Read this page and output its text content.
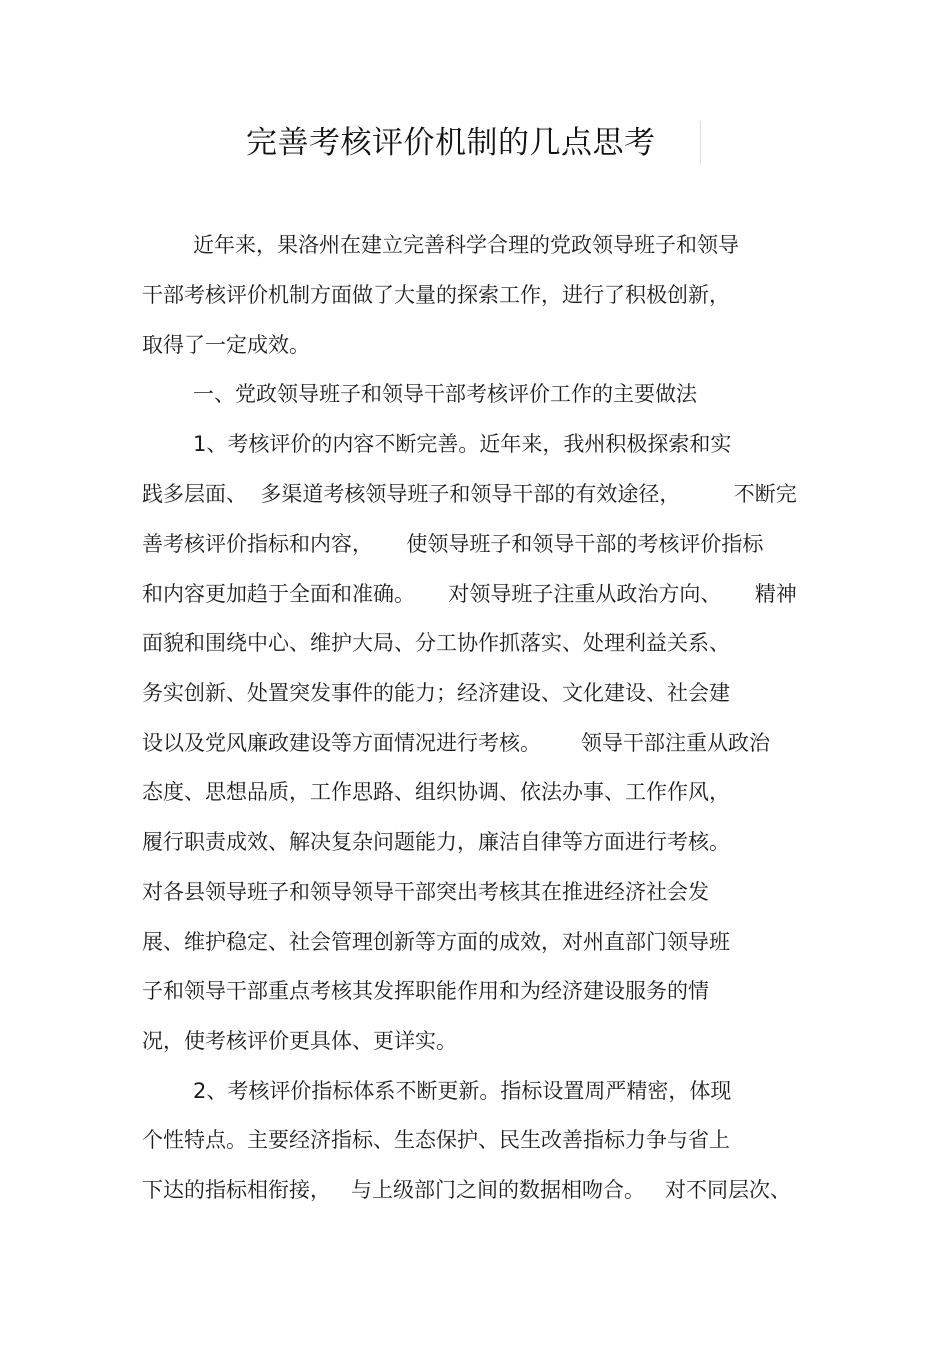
完善考核评价机制的几点思考
近年来，果洛州在建立完善科学合理的党政领导班子和领导
干部考核评价机制方面做了大量的探索工作，进行了积极创新，
取得了一定成效。
一、党政领导班子和领导干部考核评价工作的主要做法
1、考核评价的内容不断完善。近年来，我州积极探索和实
践多层面、  多渠道考核领导班子和领导干部的有效途径，        不断完
善考核评价指标和内容，     使领导班子和领导干部的考核评价指标
和内容更加趋于全面和准确。     对领导班子注重从政治方向、     精神
面貌和围绕中心、维护大局、分工协作抓落实、处理利益关系、
务实创新、处置突发事件的能力；经济建设、文化建设、社会建
设以及党风廉政建设等方面情况进行考核。      领导干部注重从政治
态度、思想品质，工作思路、组织协调、依法办事、工作作风，
履行职责成效、解决复杂问题能力，廉洁自律等方面进行考核。
对各县领导班子和领导领导干部突出考核其在推进经济社会发
展、维护稳定、社会管理创新等方面的成效，对州直部门领导班
子和领导干部重点考核其发挥职能作用和为经济建设服务的情
况，使考核评价更具体、更详实。
2、考核评价指标体系不断更新。指标设置周严精密，体现
个性特点。主要经济指标、生态保护、民生改善指标力争与省上
下达的指标相衔接，   与上级部门之间的数据相吻合。   对不同层次、
